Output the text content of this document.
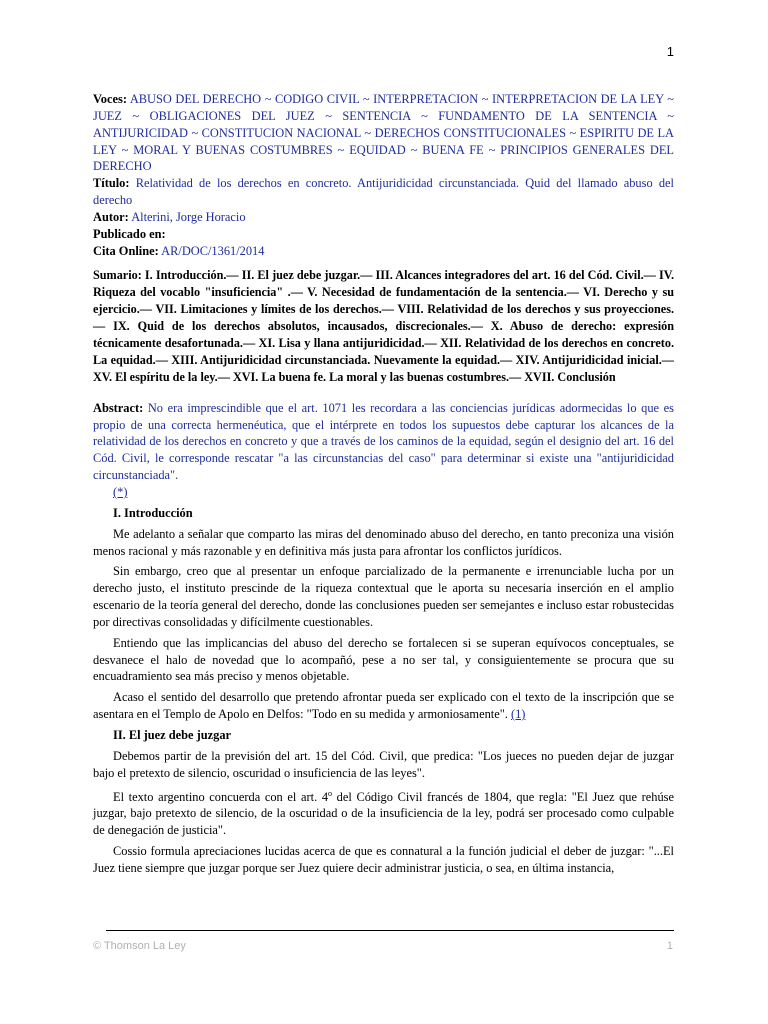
1

Voces: ABUSO DEL DERECHO ~ CODIGO CIVIL ~ INTERPRETACION ~ INTERPRETACION DE LA LEY ~ JUEZ ~ OBLIGACIONES DEL JUEZ ~ SENTENCIA ~ FUNDAMENTO DE LA SENTENCIA ~ ANTIJURICIDAD ~ CONSTITUCION NACIONAL ~ DERECHOS CONSTITUCIONALES ~ ESPIRITU DE LA LEY ~ MORAL Y BUENAS COSTUMBRES ~ EQUIDAD ~ BUENA FE ~ PRINCIPIOS GENERALES DEL DERECHO

Título: Relatividad de los derechos en concreto. Antijuridicidad circunstanciada. Quid del llamado abuso del derecho

Autor: Alterini, Jorge Horacio

Publicado en:

Cita Online: AR/DOC/1361/2014

Sumario: I. Introducción.— II. El juez debe juzgar.— III. Alcances integradores del art. 16 del Cód. Civil.— IV. Riqueza del vocablo "insuficiencia" .— V. Necesidad de fundamentación de la sentencia.— VI. Derecho y su ejercicio.— VII. Limitaciones y límites de los derechos.— VIII. Relatividad de los derechos y sus proyecciones.— IX. Quid de los derechos absolutos, incausados, discrecionales.— X. Abuso de derecho: expresión técnicamente desafortunada.— XI. Lisa y llana antijuridicidad.— XII. Relatividad de los derechos en concreto. La equidad.— XIII. Antijuridicidad circunstanciada. Nuevamente la equidad.— XIV. Antijuridicidad inicial.— XV. El espíritu de la ley.— XVI. La buena fe. La moral y las buenas costumbres.— XVII. Conclusión

Abstract: No era imprescindible que el art. 1071 les recordara a las conciencias jurídicas adormecidas lo que es propio de una correcta hermenéutica, que el intérprete en todos los supuestos debe capturar los alcances de la relatividad de los derechos en concreto y que a través de los caminos de la equidad, según el designio del art. 16 del Cód. Civil, le corresponde rescatar "a las circunstancias del caso" para determinar si existe una "antijuridicidad circunstanciada".

(*)

I. Introducción

Me adelanto a señalar que comparto las miras del denominado abuso del derecho, en tanto preconiza una visión menos racional y más razonable y en definitiva más justa para afrontar los conflictos jurídicos.

Sin embargo, creo que al presentar un enfoque parcializado de la permanente e irrenunciable lucha por un derecho justo, el instituto prescinde de la riqueza contextual que le aporta su necesaria inserción en el amplio escenario de la teoría general del derecho, donde las conclusiones pueden ser semejantes e incluso estar robustecidas por directivas consolidadas y difícilmente cuestionables.

Entiendo que las implicancias del abuso del derecho se fortalecen si se superan equívocos conceptuales, se desvanece el halo de novedad que lo acompañó, pese a no ser tal, y consiguientemente se procura que su encuadramiento sea más preciso y menos objetable.

Acaso el sentido del desarrollo que pretendo afrontar pueda ser explicado con el texto de la inscripción que se asentara en el Templo de Apolo en Delfos: "Todo en su medida y armoniosamente". (1)

II. El juez debe juzgar

Debemos partir de la previsión del art. 15 del Cód. Civil, que predica: "Los jueces no pueden dejar de juzgar bajo el pretexto de silencio, oscuridad o insuficiencia de las leyes".

El texto argentino concuerda con el art. 4$^o$ del Código Civil francés de 1804, que regla: "El Juez que rehúse juzgar, bajo pretexto de silencio, de la oscuridad o de la insuficiencia de la ley, podrá ser procesado como culpable de denegación de justicia".

Cossio formula apreciaciones lucidas acerca de que es connatural a la función judicial el deber de juzgar: "...El Juez tiene siempre que juzgar porque ser Juez quiere decir administrar justicia, o sea, en última instancia,

© Thomson La Ley	1
